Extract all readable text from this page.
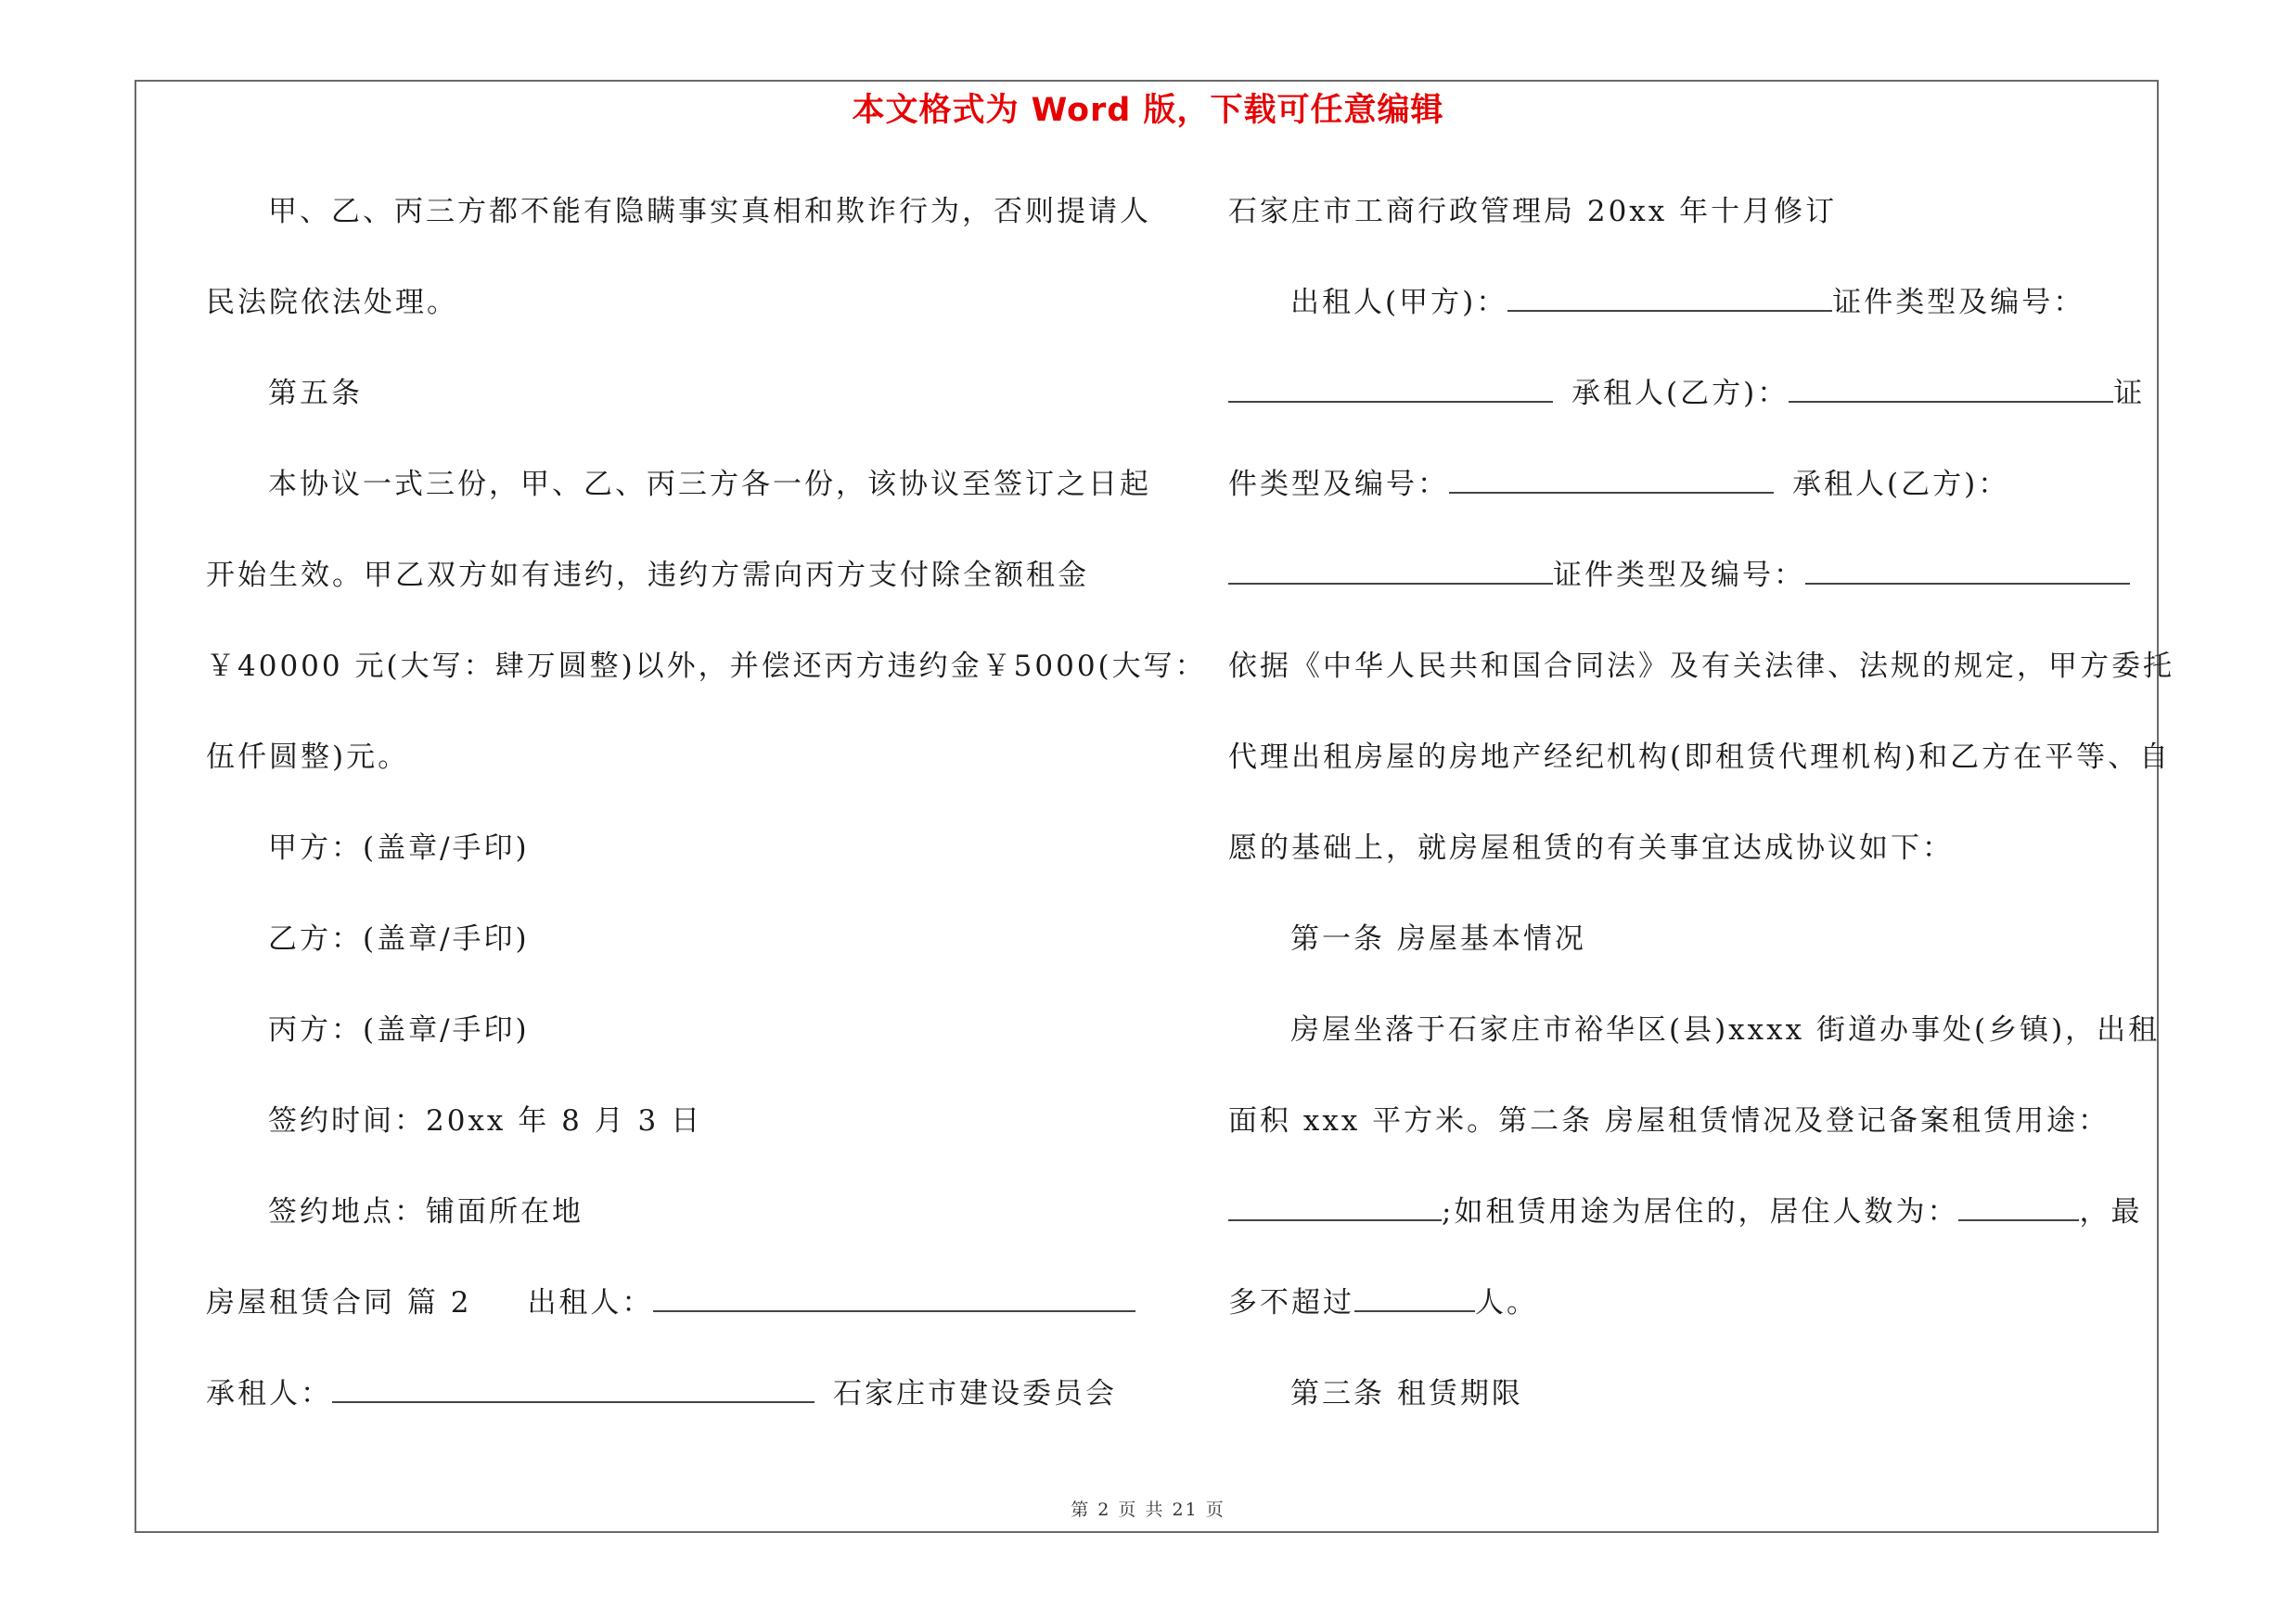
本文格式为 Word 版，下载可任意编辑
甲、乙、丙三方都不能有隐瞒事实真相和欺诈行为，否则提请人
民法院依法处理。
第五条
本协议一式三份，甲、乙、丙三方各一份，该协议至签订之日起
开始生效。甲乙双方如有违约，违约方需向丙方支付除全额租金
￥40000 元(大写：肆万圆整)以外，并偿还丙方违约金￥5000(大写：
伍仟圆整)元。
甲方：(盖章/手印)
乙方：(盖章/手印)
丙方：(盖章/手印)
签约时间：20xx 年 8 月 3 日
签约地点：铺面所在地
房屋租赁合同 篇 2 出租人：
承租人：	石家庄市建设委员会
石家庄市工商行政管理局 20xx 年十月修订
出租人(甲方)：	证件类型及编号：
承租人(乙方)：	证
件类型及编号：	承租人(乙方)：
证件类型及编号：
依据《中华人民共和国合同法》及有关法律、法规的规定，甲方委托
代理出租房屋的房地产经纪机构(即租赁代理机构)和乙方在平等、自
愿的基础上，就房屋租赁的有关事宜达成协议如下：
第一条 房屋基本情况
房屋坐落于石家庄市裕华区(县)xxxx 街道办事处(乡镇)，出租
面积 xxx 平方米。第二条 房屋租赁情况及登记备案租赁用途：
;如租赁用途为居住的，居住人数为：	，最
多不超过	人。
第三条 租赁期限
第 2 页 共 21 页
